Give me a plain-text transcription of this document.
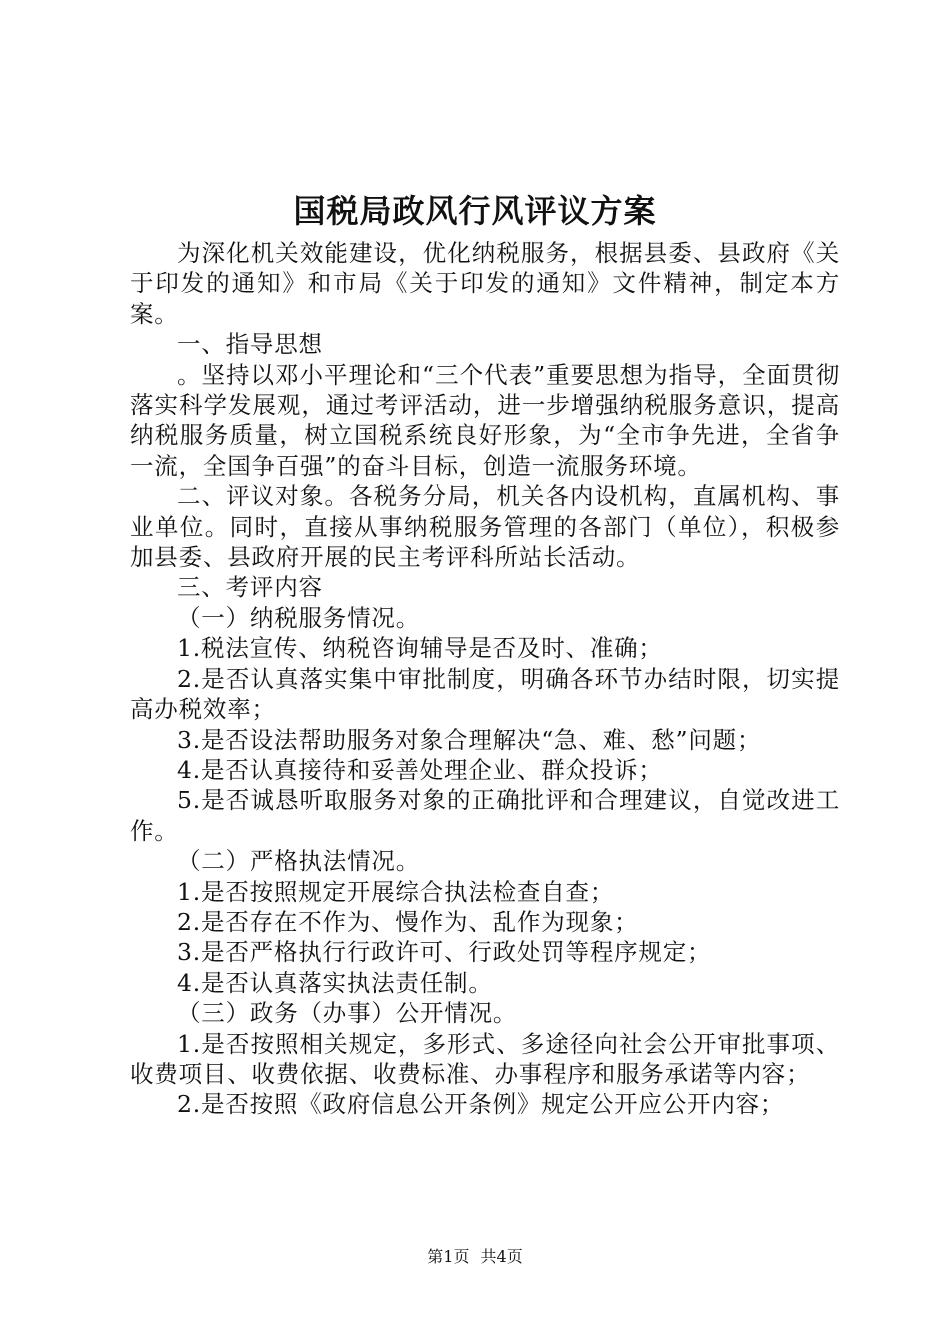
国税局政风行风评议方案

为深化机关效能建设，优化纳税服务，根据县委、县政府《关于印发的通知》和市局《关于印发的通知》文件精神，制定本方案。

一、指导思想

。坚持以邓小平理论和“三个代表”重要思想为指导，全面贯彻落实科学发展观，通过考评活动，进一步增强纳税服务意识，提高纳税服务质量，树立国税系统良好形象，为“全市争先进，全省争一流，全国争百强”的奋斗目标，创造一流服务环境。

二、评议对象。各税务分局，机关各内设机构，直属机构、事业单位。同时，直接从事纳税服务管理的各部门（单位），积极参加县委、县政府开展的民主考评科所站长活动。

三、考评内容

（一）纳税服务情况。

1.税法宣传、纳税咨询辅导是否及时、准确；

2.是否认真落实集中审批制度，明确各环节办结时限，切实提高办税效率；

3.是否设法帮助服务对象合理解决“急、难、愁”问题；

4.是否认真接待和妥善处理企业、群众投诉；

5.是否诚恳听取服务对象的正确批评和合理建议，自觉改进工作。

（二）严格执法情况。

1.是否按照规定开展综合执法检查自查；

2.是否存在不作为、慢作为、乱作为现象；

3.是否严格执行行政许可、行政处罚等程序规定；

4.是否认真落实执法责任制。

（三）政务（办事）公开情况。

1.是否按照相关规定，多形式、多途径向社会公开审批事项、收费项目、收费依据、收费标准、办事程序和服务承诺等内容；

2.是否按照《政府信息公开条例》规定公开应公开内容；

第1页 共4页
